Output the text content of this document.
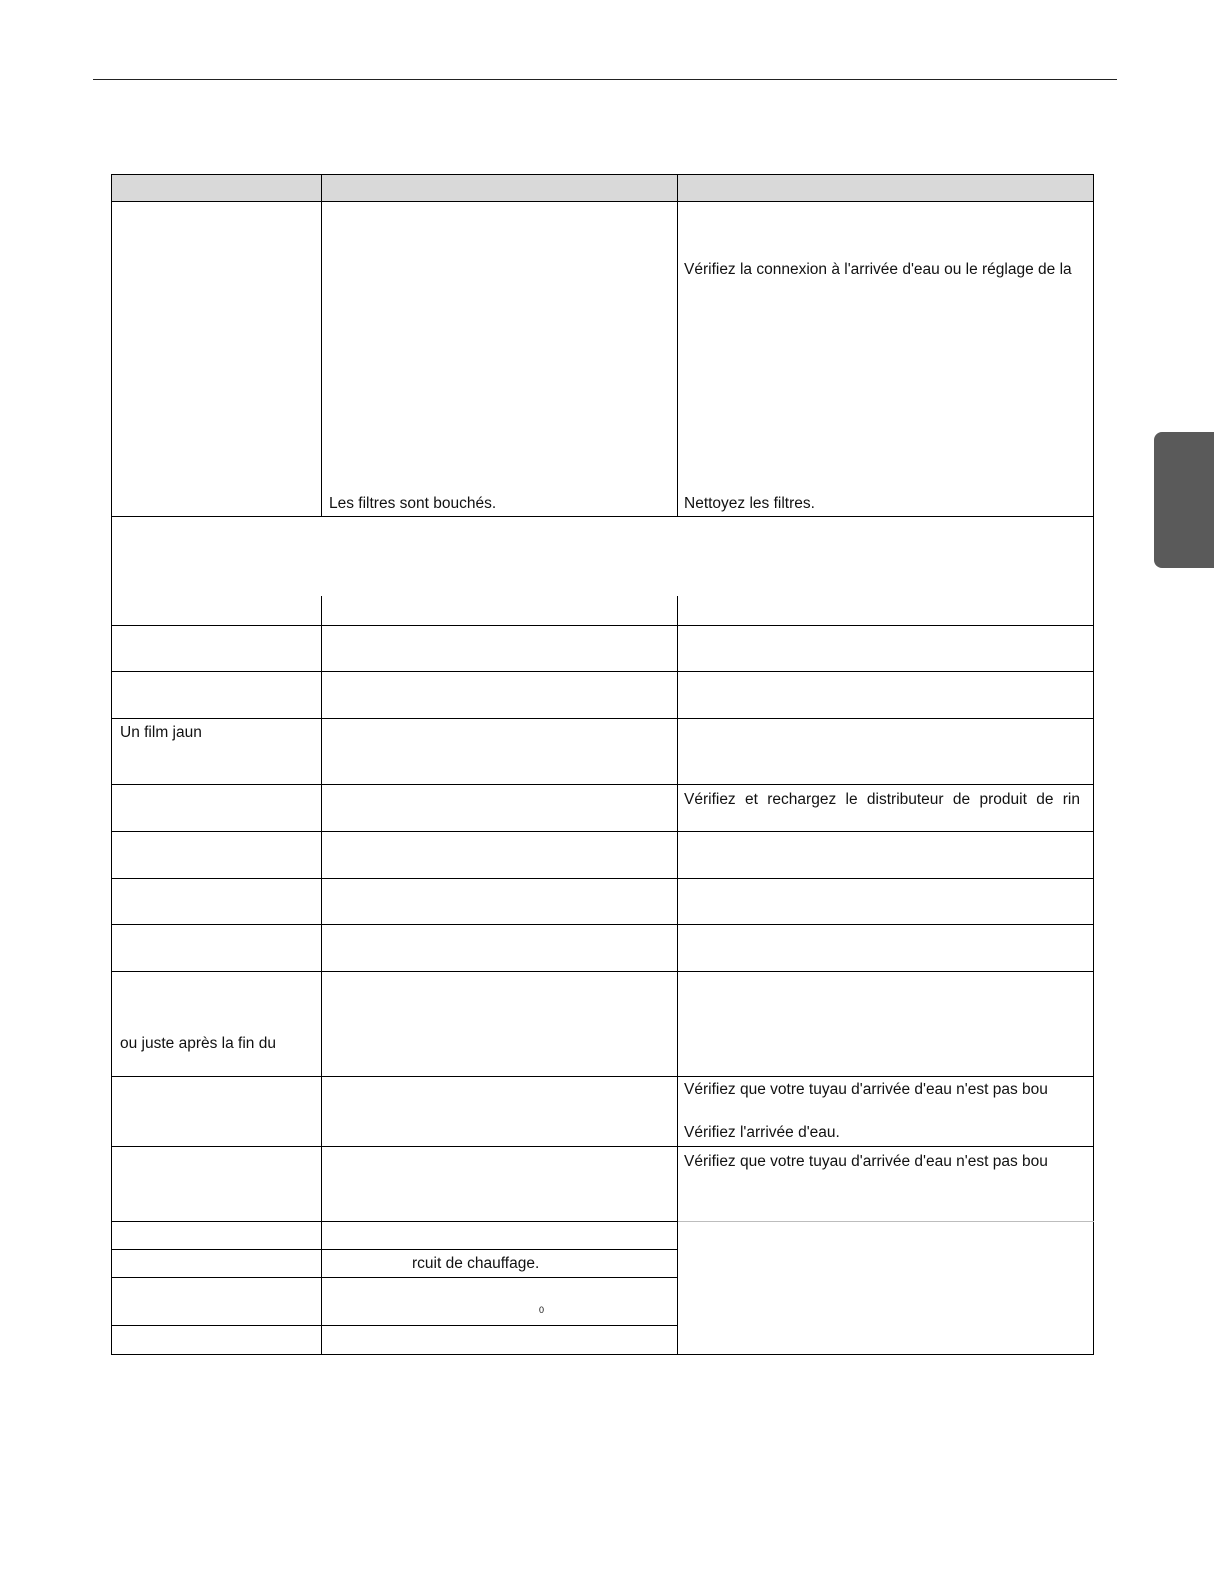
Vérifiez la connexion à l'arrivée d'eau ou le réglage de la
Les filtres sont bouchés.	Nettoyez les filtres.
Un film jaun
Vérifiez et rechargez le distributeur de produit de rin
ou juste après la fin du
Vérifiez que votre tuyau d'arrivée d'eau n'est pas bou
Vérifiez l'arrivée d'eau.
Vérifiez que votre tuyau d'arrivée d'eau n'est pas bou
rcuit de chauffage.
0
